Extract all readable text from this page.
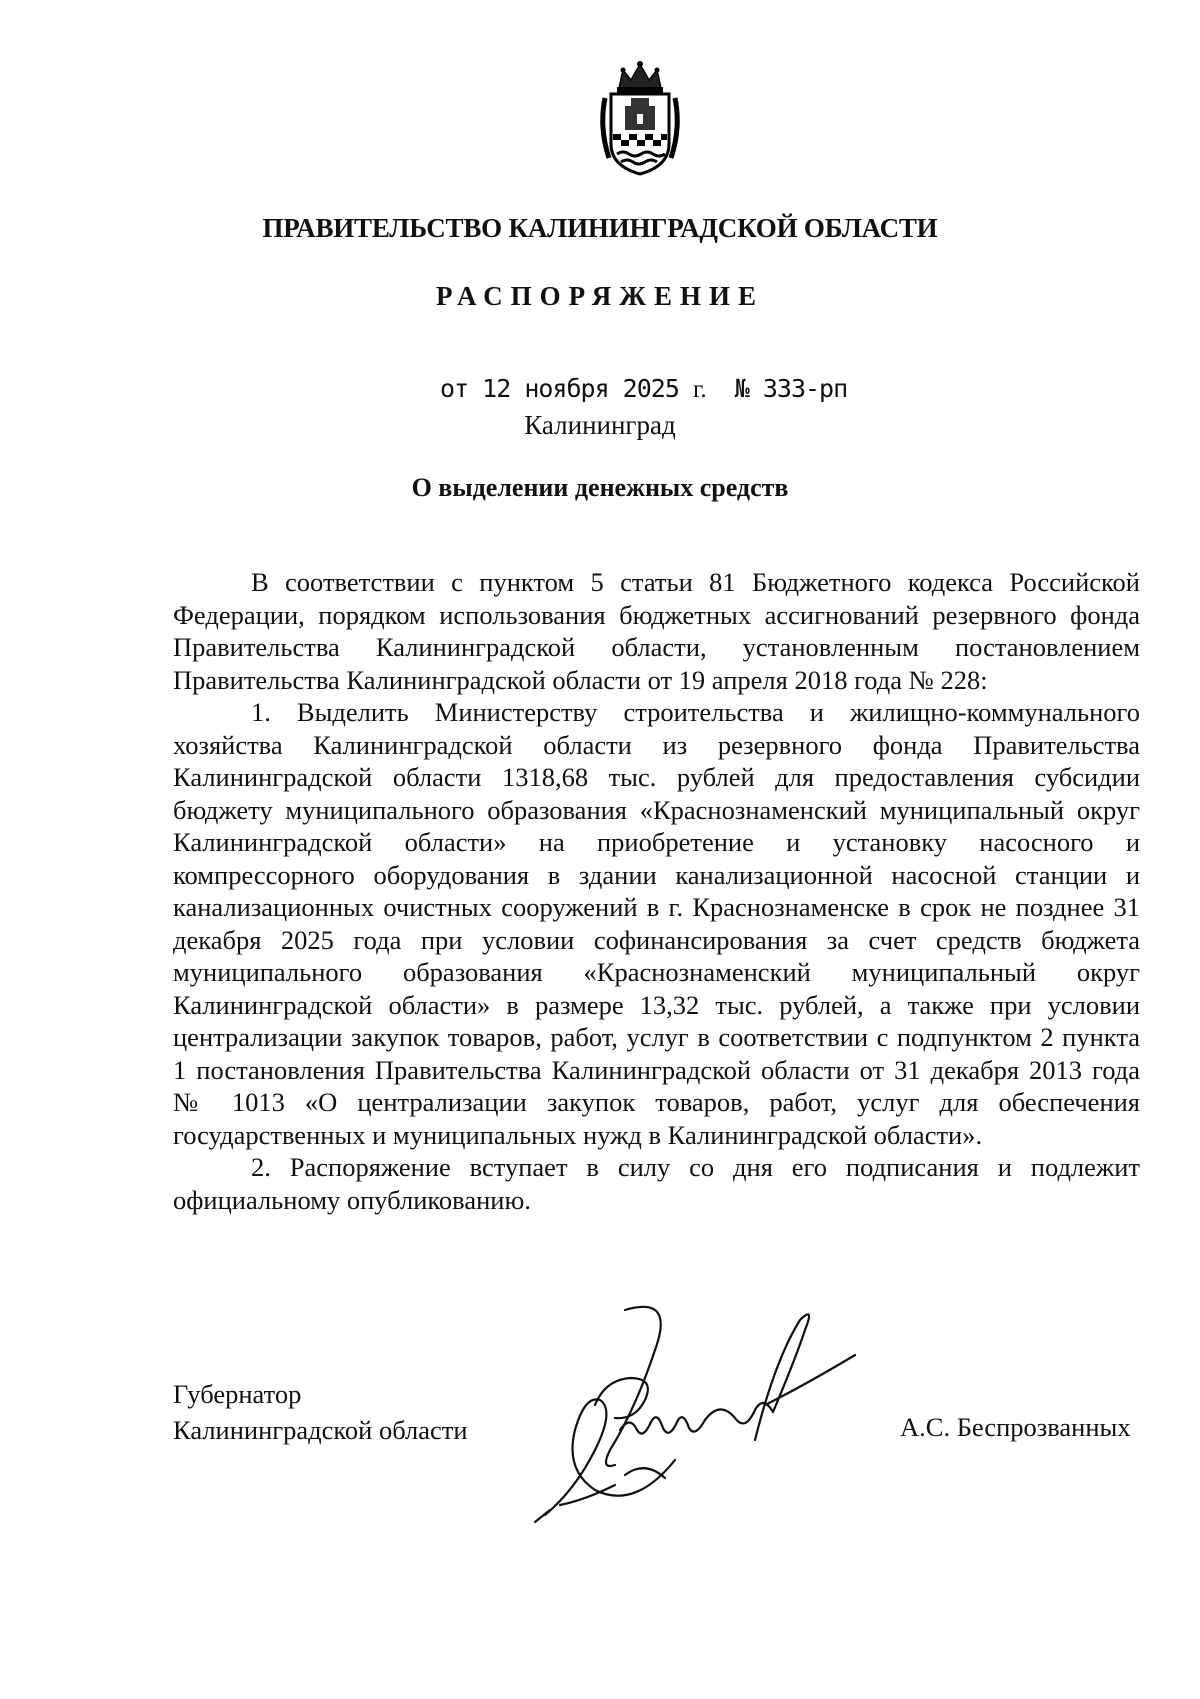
ПРАВИТЕЛЬСТВО КАЛИНИНГРАДСКОЙ ОБЛАСТИ
РАСПОРЯЖЕНИЕ
от 12 ноября 2025 г. № 333-рп
Калининград
О выделении денежных средств

В соответствии с пунктом 5 статьи 81 Бюджетного кодекса Российской Федерации, порядком использования бюджетных ассигнований резервного фонда Правительства Калининградской области, установленным постановлением Правительства Калининградской области от 19 апреля 2018 года № 228:

1. Выделить Министерству строительства и жилищно-коммунального хозяйства Калининградской области из резервного фонда Правительства Калининградской области 1318,68 тыс. рублей для предоставления субсидии бюджету муниципального образования «Краснознаменский муниципальный округ Калининградской области» на приобретение и установку насосного и компрессорного оборудования в здании канализационной насосной станции и канализационных очистных сооружений в г. Краснознаменске в срок не позднее 31 декабря 2025 года при условии софинансирования за счет средств бюджета муниципального образования «Краснознаменский муниципальный округ Калининградской области» в размере 13,32 тыс. рублей, а также при условии централизации закупок товаров, работ, услуг в соответствии с подпунктом 2 пункта 1 постановления Правительства Калининградской области от 31 декабря 2013 года № 1013 «О централизации закупок товаров, работ, услуг для обеспечения государственных и муниципальных нужд в Калининградской области».

2. Распоряжение вступает в силу со дня его подписания и подлежит официальному опубликованию.

Губернатор
Калининградской области	А.С. Беспрозванных
